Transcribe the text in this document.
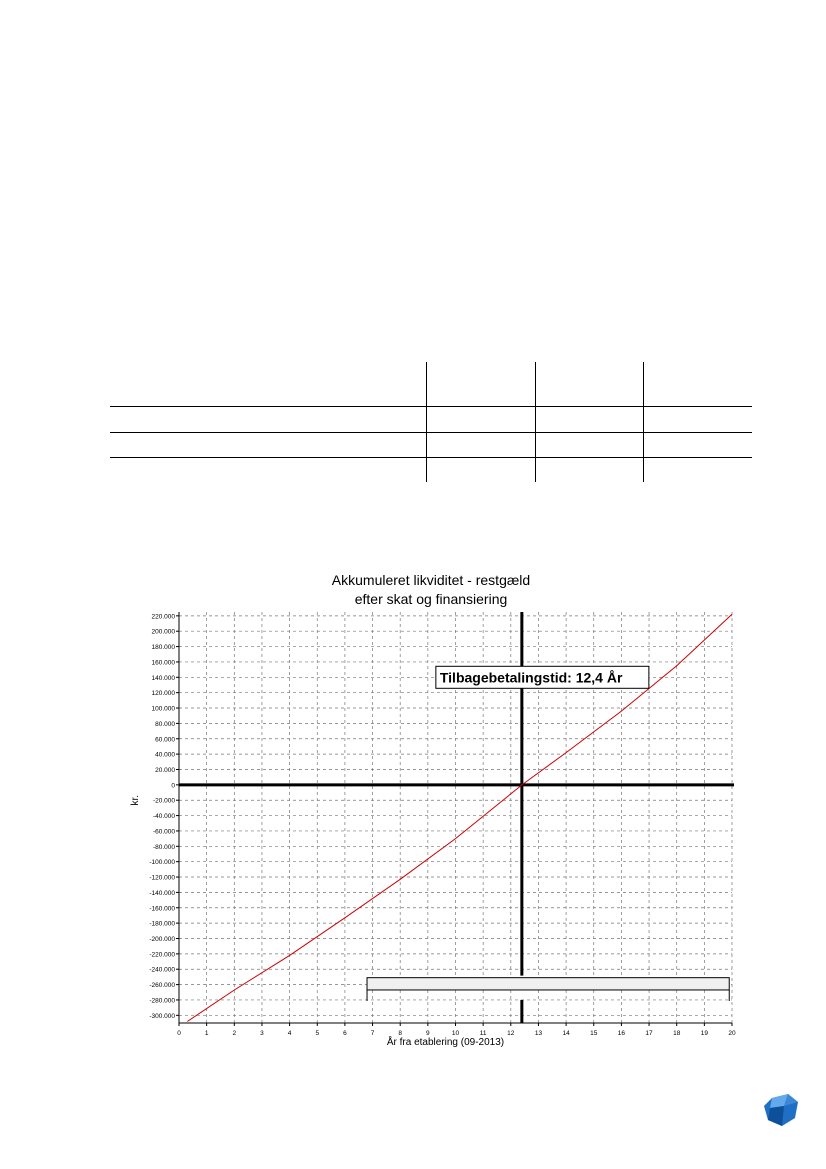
Akkumuleret likviditet - restgæld
efter skat og finansiering
220.000
200.000
180.000
160.000
140.000
120.000
100.000
80.000
60.000
40.000
20.000
0
-20.000
-40.000
-60.000
-80.000
-100.000
-120.000
-140.000
-160.000
-180.000
-200.000
-220.000
-240.000
-260.000
-280.000
-300.000
0	1	2	3	4	5	6	7	8	9	10	11	12	13	14	15	16	17	18	19	20
Tilbagebetalingstid: 12,4 År
År fra etablering (09-2013)
kr.
